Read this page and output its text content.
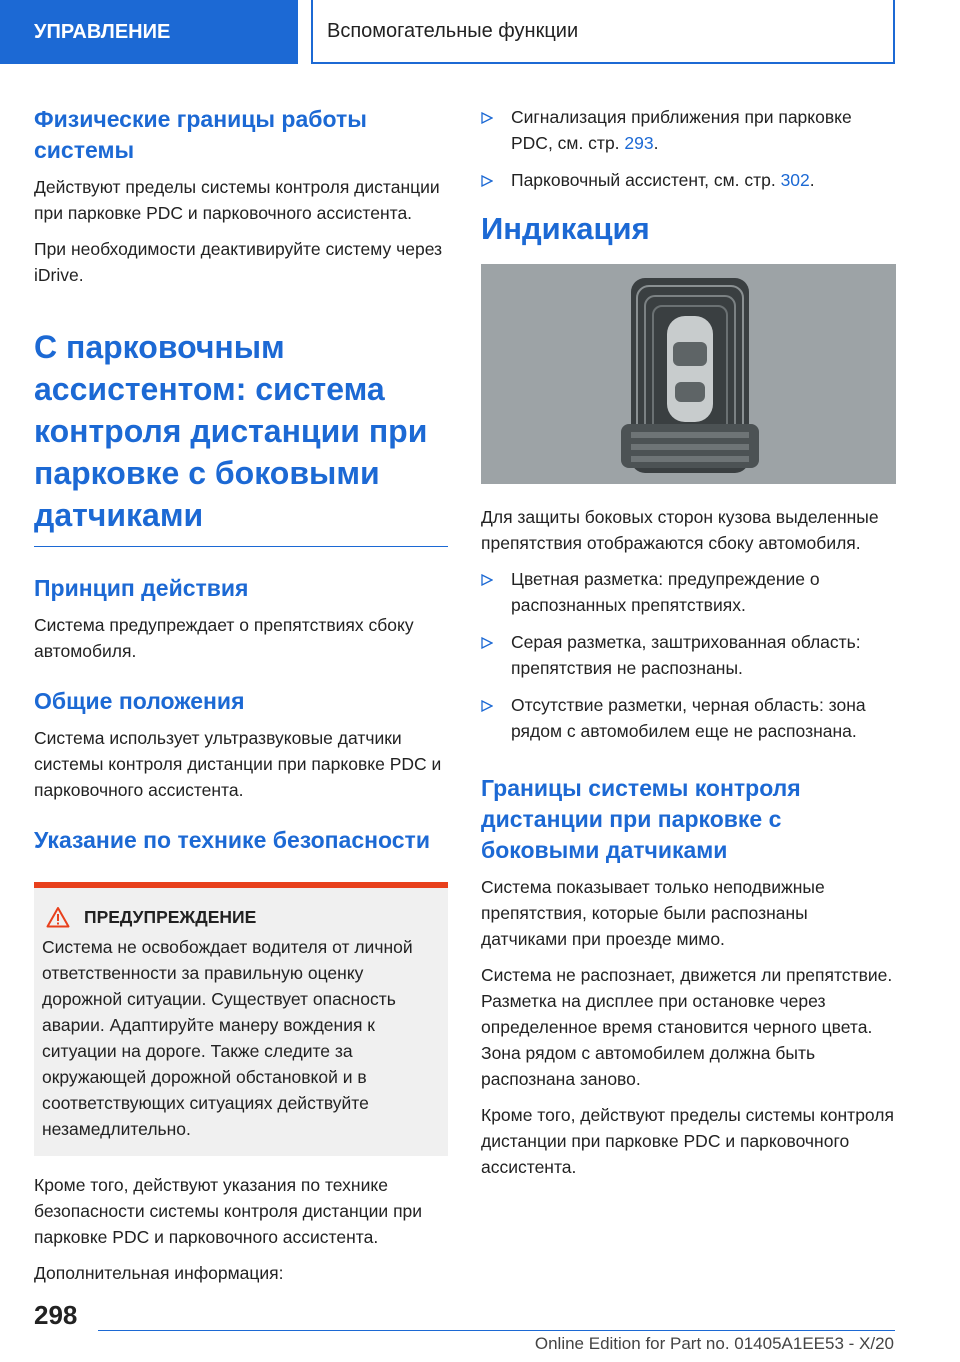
УПРАВЛЕНИЕ	Вспомогательные функции
Физические границы работы системы

Действуют пределы системы контроля дистанции при парковке PDC и парковочного ассистента.

При необходимости деактивируйте систему через iDrive.

С парковочным ассистентом: система контроля дистанции при парковке с боковыми датчиками
Принцип действия

Система предупреждает о препятствиях сбоку автомобиля.

Общие положения

Система использует ультразвуковые датчики системы контроля дистанции при парковке PDC и парковочного ассистента.

Указание по технике безопасности
ПРЕДУПРЕЖДЕНИЕ

Система не освобождает водителя от личной ответственности за правильную оценку дорожной ситуации. Существует опасность аварии. Адаптируйте манеру вождения к ситуации на дороге. Также следите за окружающей дорожной обстановкой и в соответствующих ситуациях действуйте незамедлительно.

Кроме того, действуют указания по технике безопасности системы контроля дистанции при парковке PDC и парковочного ассистента.

Дополнительная информация:

Сигнализация приближения при парковке PDC, см. стр. 293.
Парковочный ассистент, см. стр. 302.
Индикация

Для защиты боковых сторон кузова выделенные препятствия отображаются сбоку автомобиля.

Цветная разметка: предупреждение о распознанных препятствиях.
Серая разметка, заштрихованная область: препятствия не распознаны.
Отсутствие разметки, черная область: зона рядом с автомобилем еще не распознана.
Границы системы контроля дистанции при парковке с боковыми датчиками

Система показывает только неподвижные препятствия, которые были распознаны датчиками при проезде мимо.

Система не распознает, движется ли препятствие. Разметка на дисплее при остановке через определенное время становится черного цвета. Зона рядом с автомобилем должна быть распознана заново.

Кроме того, действуют пределы системы контроля дистанции при парковке PDC и парковочного ассистента.

298
Online Edition for Part no. 01405A1EE53 - X/20
